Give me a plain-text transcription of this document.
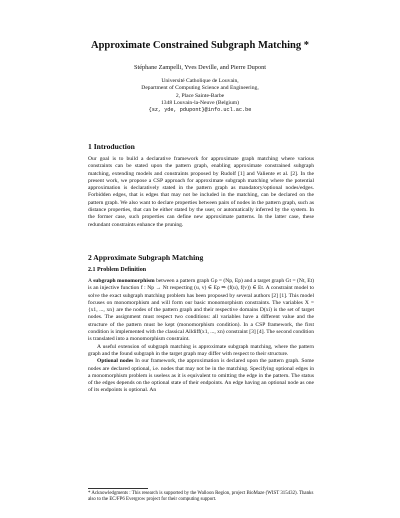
Approximate Constrained Subgraph Matching *
Stéphane Zampelli, Yves Deville, and Pierre Dupont
Université Catholique de Louvain,
Department of Computing Science and Engineering,
2, Place Sainte-Barbe
1348 Louvain-la-Neuve (Belgium)
{sz, yde, pdupont}@info.ucl.ac.be
1 Introduction

Our goal is to build a declarative framework for approximate graph matching where various constraints can be stated upon the pattern graph, enabling approximate constrained subgraph matching, extending models and constraints proposed by Rudolf [1] and Valiente et al. [2]. In the present work, we propose a CSP approach for approximate subgraph matching where the potential approximation is declaratively stated in the pattern graph as mandatory/optional nodes/edges. Forbidden edges, that is edges that may not be included in the matching, can be declared on the pattern graph. We also want to declare properties between pairs of nodes in the pattern graph, such as distance properties, that can be either stated by the user, or automatically inferred by the system. In the former case, such properties can define new approximate patterns. In the latter case, these redundant constraints enhance the pruning.

2 Approximate Subgraph Matching
2.1 Problem Definition

A subgraph monomorphism between a pattern graph Gp = (Np, Ep) and a target graph Gt = (Nt, Et) is an injective function f : Np → Nt respecting (u, v) ∈ Ep ⇒ (f(u), f(v)) ∈ Et. A constraint model to solve the exact subgraph matching problem has been proposed by several authors [2] [1]. This model focuses on monomorphism and will form our basic monomorphism constraints. The variables X = {x1, ..., xn} are the nodes of the pattern graph and their respective domains D(xi) is the set of target nodes. The assignment must respect two conditions: all variables have a different value and the structure of the pattern must be kept (monomorphism condition). In a CSP framework, the first condition is implemented with the classical Alldiff(x1, ..., xn) constraint [3] [4]. The second condition is translated into a monomorphism constraint.

A useful extension of subgraph matching is approximate subgraph matching, where the pattern graph and the found subgraph in the target graph may differ with respect to their structure.

Optional nodes In our framework, the approximation is declared upon the pattern graph. Some nodes are declared optional, i.e. nodes that may not be in the matching. Specifying optional edges in a monomorphism problem is useless as it is equivalent to omitting the edge in the pattern. The status of the edges depends on the optional state of their endpoints. An edge having an optional node as one of its endpoints is optional. An

* Acknowledgments : This research is supported by the Walloon Region, project BioMaze (WIST 315432). Thanks also to the EC/FP6 Evergrow project for their computing support.
